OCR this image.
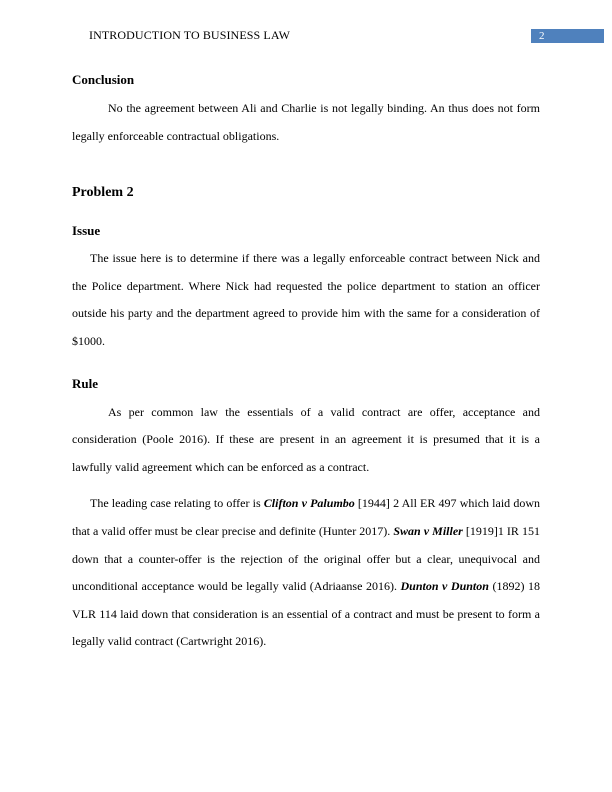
INTRODUCTION TO BUSINESS LAW	2
Conclusion

No the agreement between Ali and Charlie is not legally binding. An thus does not form legally enforceable contractual obligations.

Problem 2
Issue

The issue here is to determine if there was a legally enforceable contract between Nick and the Police department. Where Nick had requested the police department to station an officer outside his party and the department agreed to provide him with the same for a consideration of $1000.

Rule

As per common law the essentials of a valid contract are offer, acceptance and consideration (Poole 2016). If these are present in an agreement it is presumed that it is a lawfully valid agreement which can be enforced as a contract.

The leading case relating to offer is Clifton v Palumbo [1944] 2 All ER 497 which laid down that a valid offer must be clear precise and definite (Hunter 2017). Swan v Miller [1919]1 IR 151 down that a counter-offer is the rejection of the original offer but a clear, unequivocal and unconditional acceptance would be legally valid (Adriaanse 2016). Dunton v Dunton (1892) 18 VLR 114 laid down that consideration is an essential of a contract and must be present to form a legally valid contract (Cartwright 2016).
